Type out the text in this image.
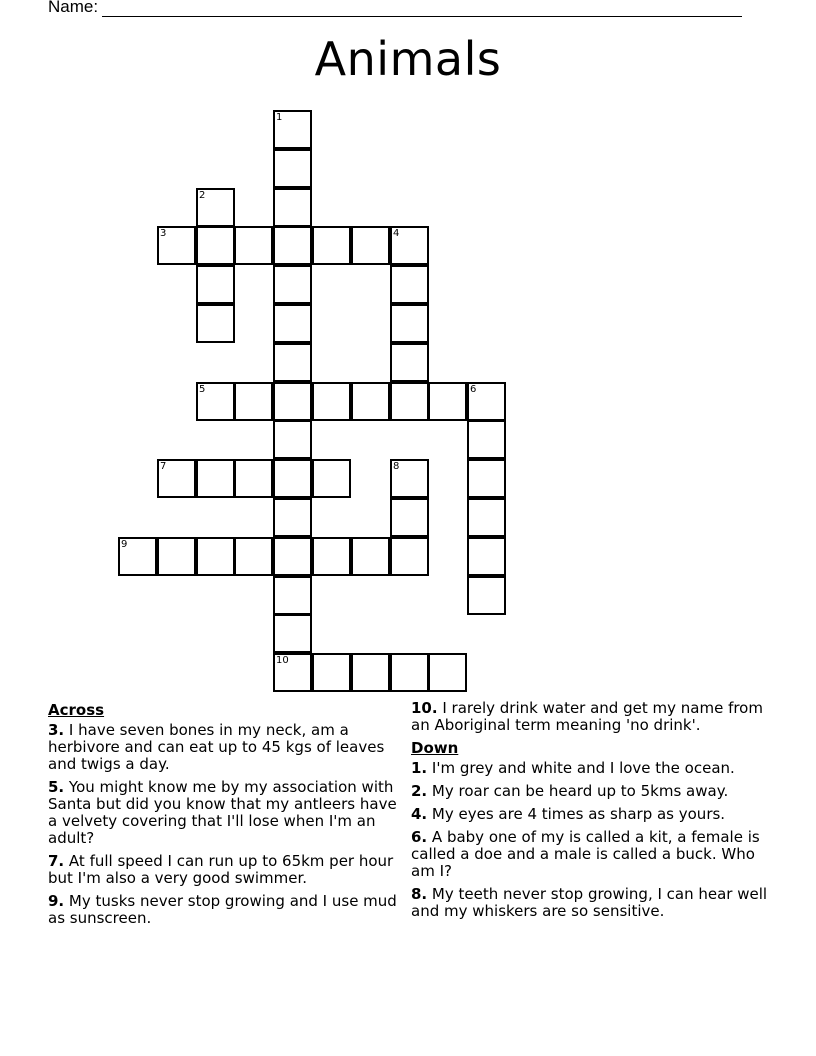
Name:
Animals
1
2
3	4
5	6
7	8
9
10
Across
3. I have seven bones in my neck, am a herbivore and can eat up to 45 kgs of leaves and twigs a day.
5. You might know me by my association with Santa but did you know that my antleers have a velvety covering that I'll lose when I'm an adult?
7. At full speed I can run up to 65km per hour but I'm also a very good swimmer.
9. My tusks never stop growing and I use mud as sunscreen.
10. I rarely drink water and get my name from an Aboriginal term meaning 'no drink'.
Down
1. I'm grey and white and I love the ocean.
2. My roar can be heard up to 5kms away.
4. My eyes are 4 times as sharp as yours.
6. A baby one of my is called a kit, a female is called a doe and a male is called a buck. Who am I?
8. My teeth never stop growing, I can hear well and my whiskers are so sensitive.
